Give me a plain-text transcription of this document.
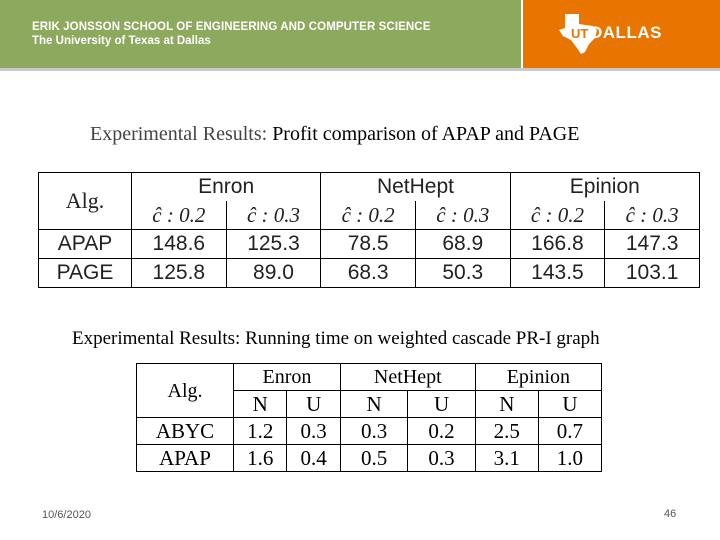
ERIK JONSSON SCHOOL OF ENGINEERING AND COMPUTER SCIENCE
The University of Texas at Dallas	UT DALLAS
Experimental Results: Profit comparison of APAP and PAGE
Alg.	Enron		NetHept		Epinion	
	ĉ : 0.2	ĉ : 0.3	ĉ : 0.2	ĉ : 0.3	ĉ : 0.2	ĉ : 0.3
APAP	148.6	125.3	78.5	68.9	166.8	147.3
PAGE	125.8	89.0	68.3	50.3	143.5	103.1
Experimental Results: Running time on weighted cascade PR-I graph
Alg.	Enron		NetHept		Epinion	
	N	U	N	U	N	U
ABYC	1.2	0.3	0.3	0.2	2.5	0.7
APAP	1.6	0.4	0.5	0.3	3.1	1.0
10/6/2020	46
